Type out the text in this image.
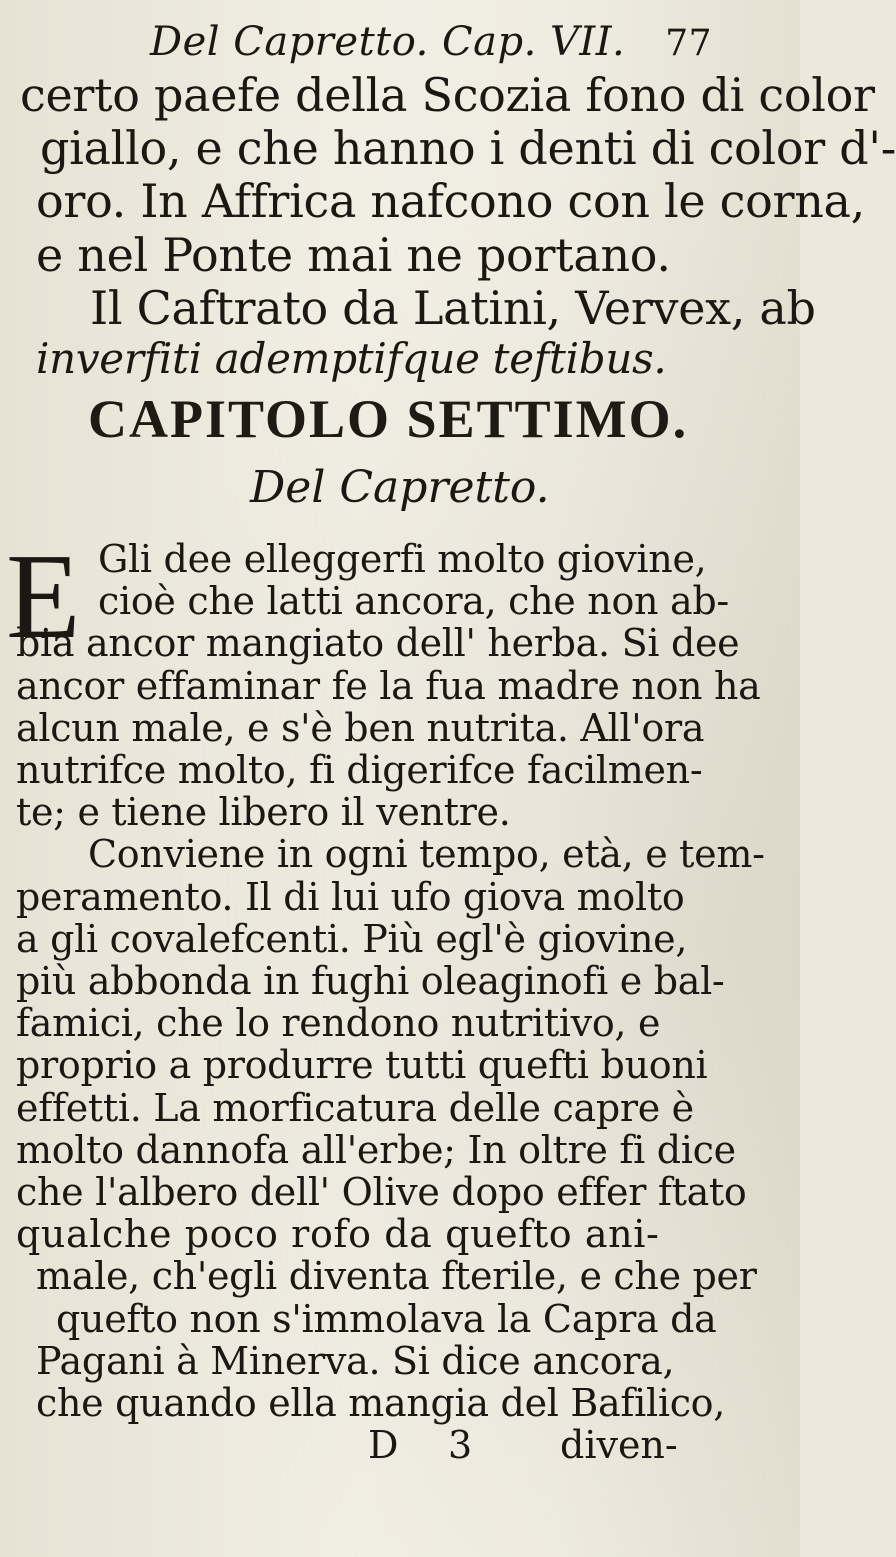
Del Capretto. Cap. VII. 77
certo paefe della Scozia fono di color
giallo, e che hanno i denti di color d'-
oro. In Affrica nafcono con le corna,
e nel Ponte mai ne portano.
Il Caftrato da Latini, Vervex, ab
inverfiti ademptifque teftibus.
CAPITOLO SETTIMO.
Del Capretto.
E Gli dee elleggerfi molto giovine,
cioè che latti ancora, che non ab-
bia ancor mangiato dell' herba. Si dee
ancor effaminar fe la fua madre non ha
alcun male, e s'è ben nutrita. All'ora
nutrifce molto, fi digerifce facilmen-
te; e tiene libero il ventre.
Conviene in ogni tempo, età, e tem-
peramento. Il di lui ufo giova molto
a gli covalefcenti. Più egl'è giovine,
più abbonda in fughi oleaginofi e bal-
famici, che lo rendono nutritivo, e
proprio a produrre tutti quefti buoni
effetti. La morficatura delle capre è
molto dannofa all'erbe; In oltre fi dice
che l'albero dell' Olive dopo effer ftato
qualche poco rofo da quefto ani-
male, ch'egli diventa fterile, e che per
quefto non s'immolava la Capra da
Pagani à Minerva. Si dice ancora,
che quando ella mangia del Bafilico,
D 3 diven-
